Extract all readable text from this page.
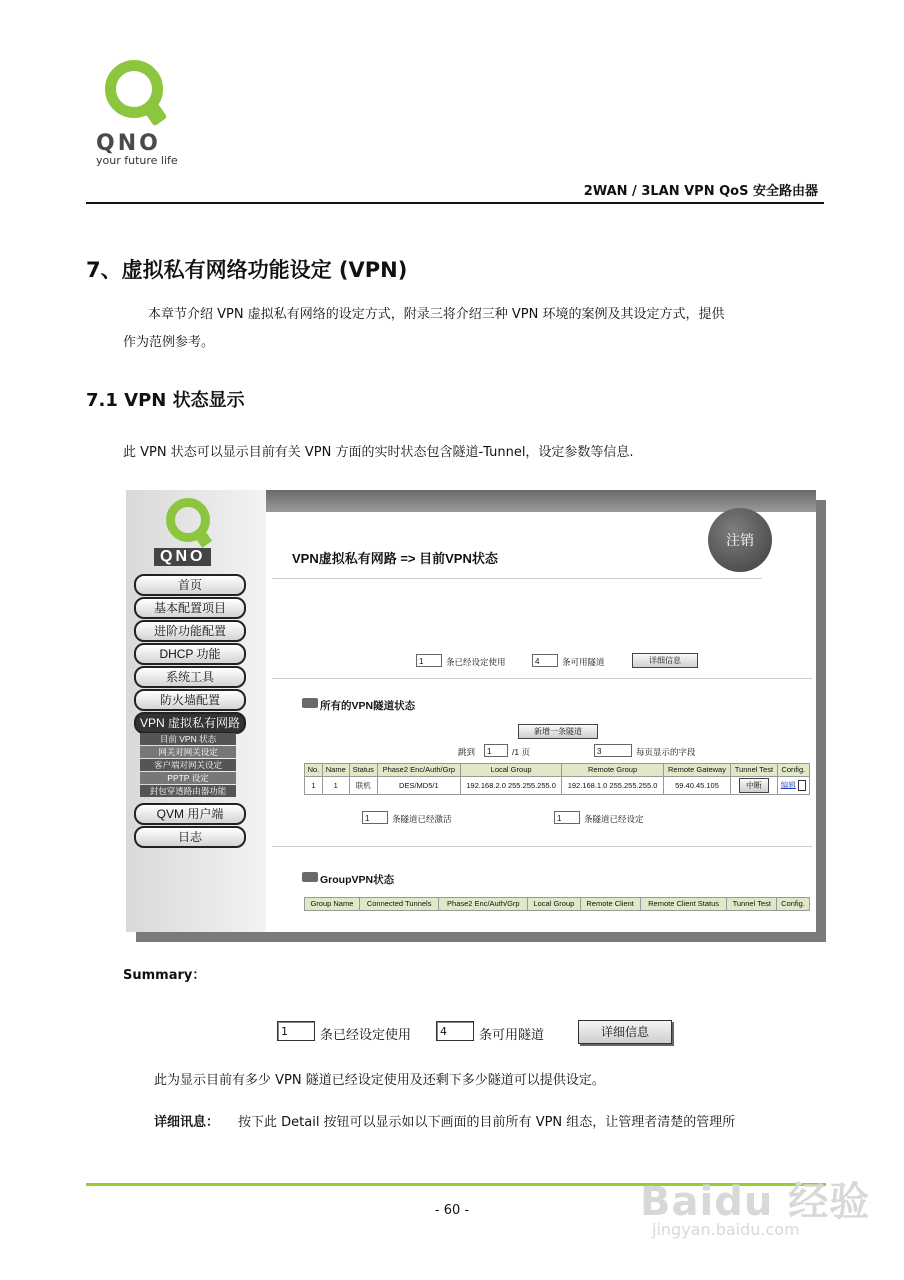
QNO
your future life
2WAN / 3LAN VPN QoS 安全路由器
7、虚拟私有网络功能设定 (VPN)
本章节介绍 VPN 虚拟私有网络的设定方式，附录三将介绍三种 VPN 环境的案例及其设定方式，提供
作为范例参考。
7.1 VPN 状态显示
此 VPN 状态可以显示目前有关 VPN 方面的实时状态包含隧道-Tunnel，设定参数等信息.
QNO
注销
VPN虚拟私有网路 => 目前VPN状态
首页
基本配置项目
进阶功能配置
DHCP 功能
系统工具
防火墙配置
VPN 虚拟私有网路
目前 VPN 状态
网关对网关设定
客户端对网关设定
PPTP 设定
封包穿透路由器功能
QVM 用户端
日志
1	条已经设定使用	4	条可用隧道	详细信息
所有的VPN隧道状态
新增一条隧道
跳到	1	/1 页	3	每页显示的字段
No.	Name	Status	Phase2 Enc/Auth/Grp	Local Group	Remote Group	Remote Gateway	Tunnel Test	Config.
1	1	联机	DES/MD5/1	192.168.2.0 255.255.255.0	192.168.1.0 255.255.255.0	59.40.45.105	中断	编辑
1	条隧道已经激活	1	条隧道已经设定
GroupVPN状态
Group Name	Connected Tunnels	Phase2 Enc/Auth/Grp	Local Group	Remote Client	Remote Client Status	Tunnel Test	Config.
Summary：
1	条已经设定使用	4	条可用隧道	详细信息
此为显示目前有多少 VPN 隧道已经设定使用及还剩下多少隧道可以提供设定。
详细讯息： 按下此 Detail 按钮可以显示如以下画面的目前所有 VPN 组态，让管理者清楚的管理所
- 60 -	Baidu 经验
jingyan.baidu.com
